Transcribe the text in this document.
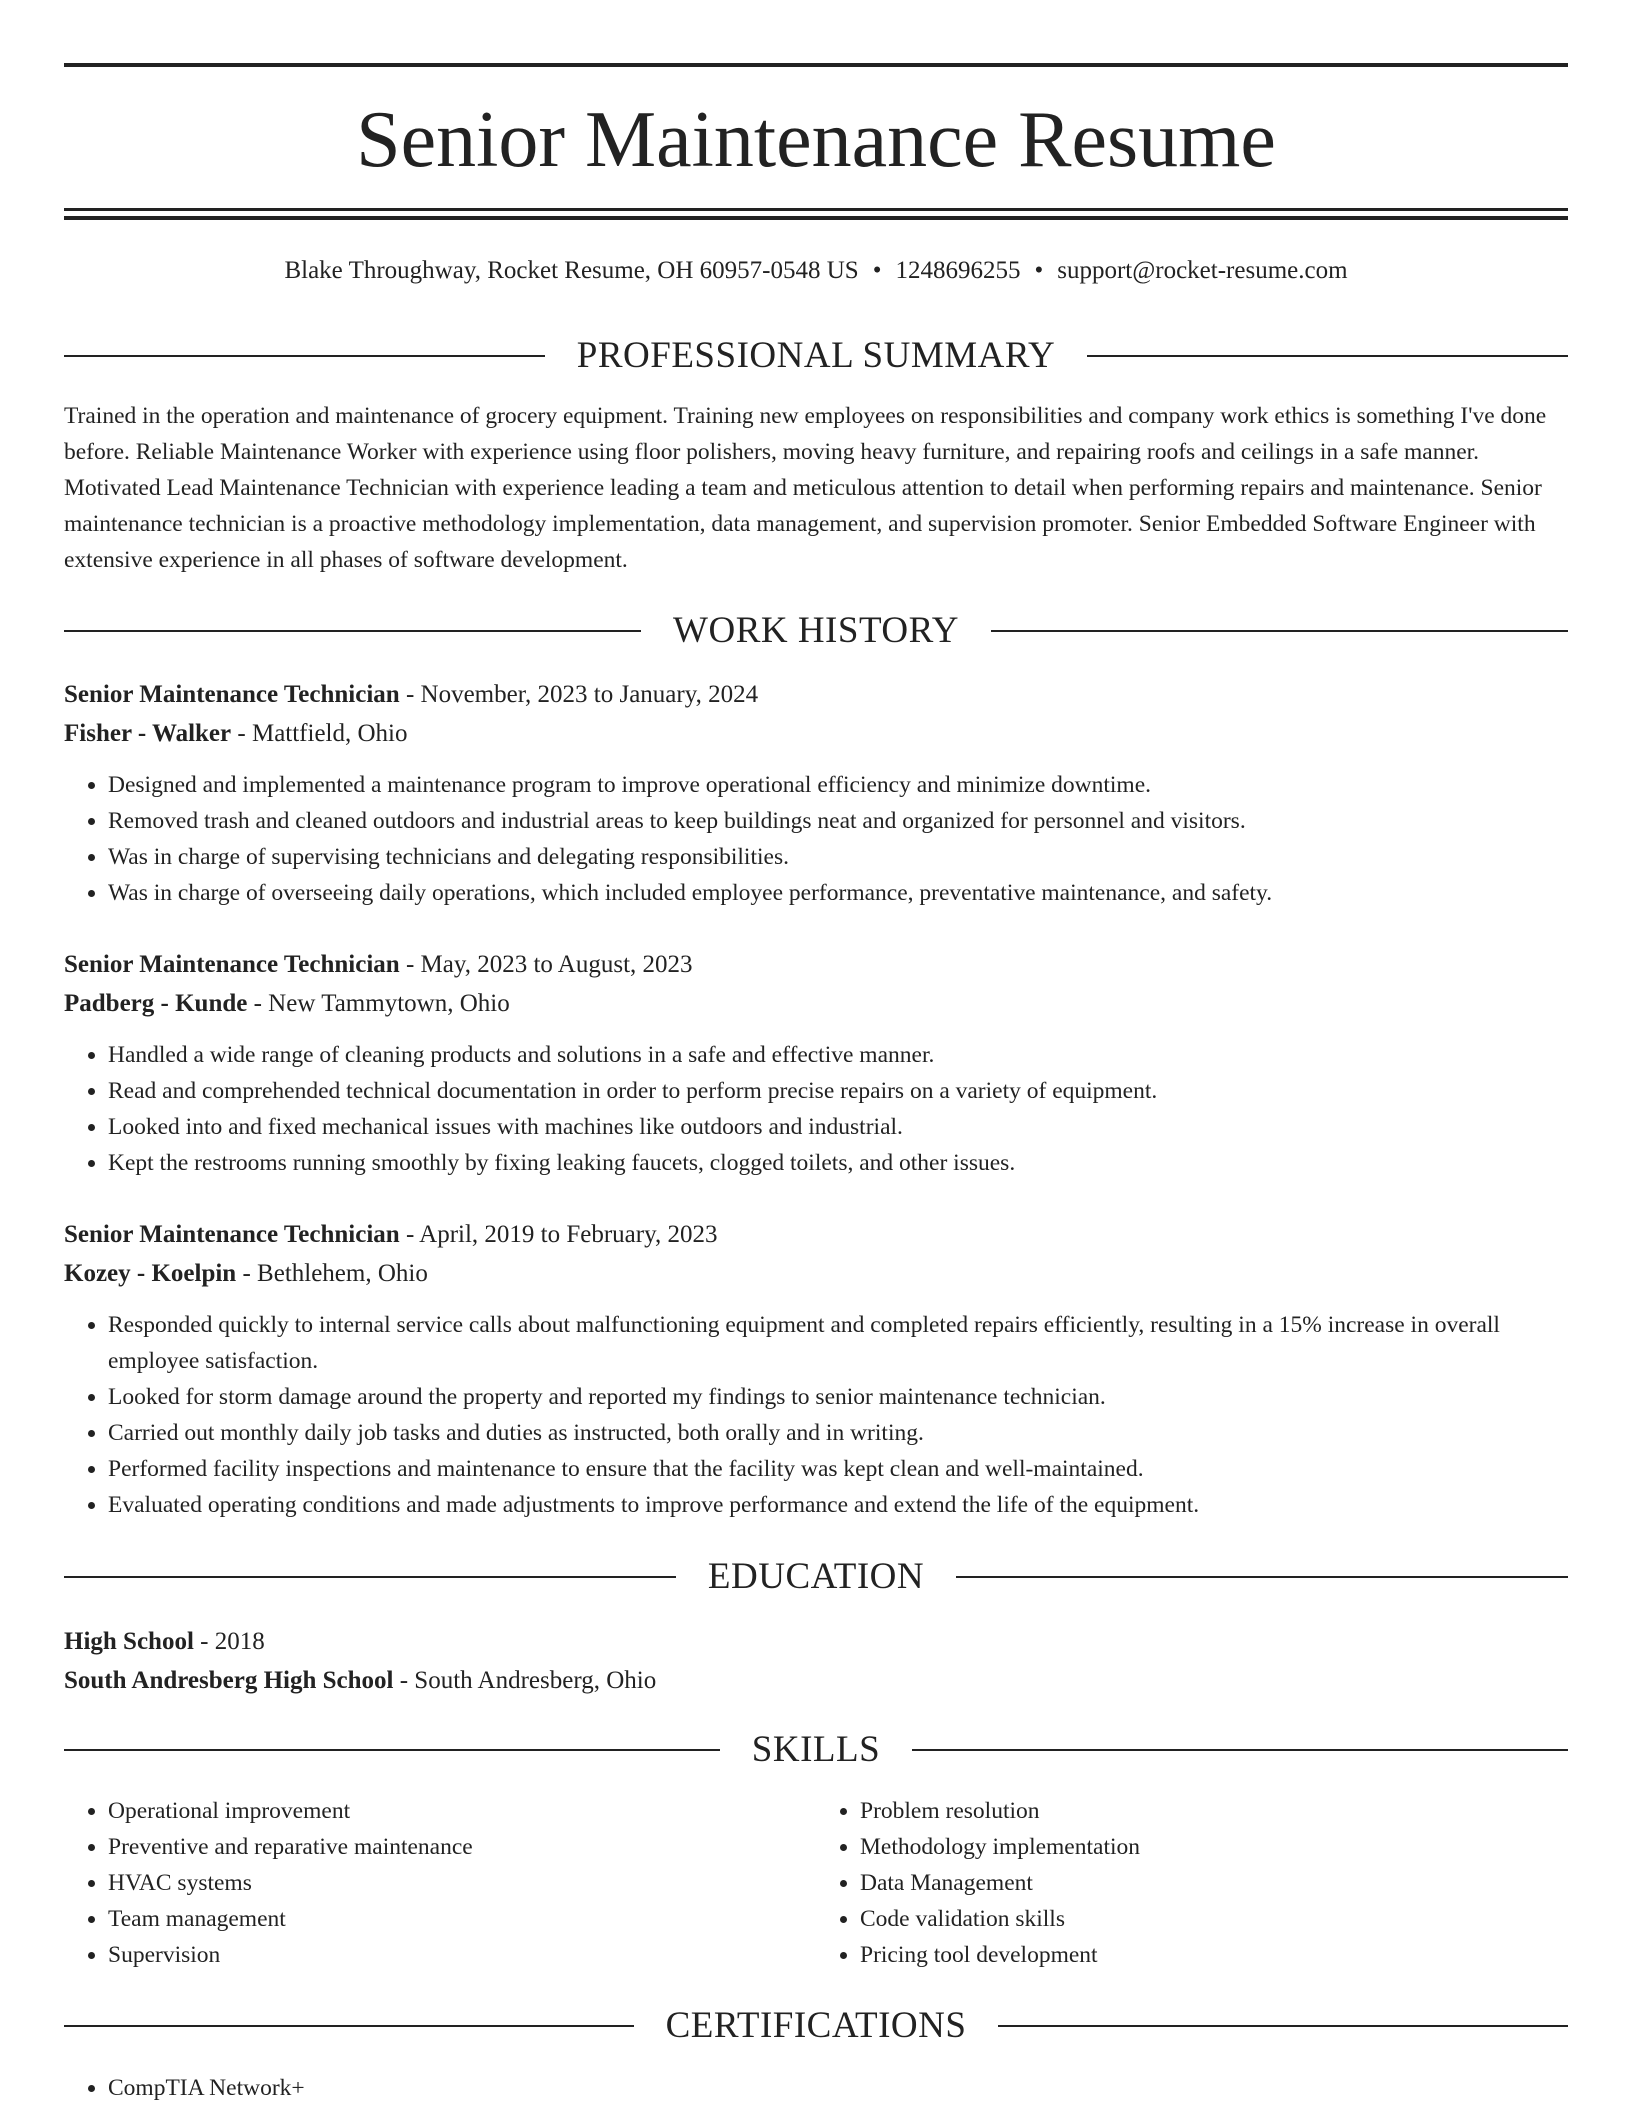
Senior Maintenance Resume
Blake Throughway, Rocket Resume, OH 60957-0548 US • 1248696255 • support@rocket-resume.com
PROFESSIONAL SUMMARY
Trained in the operation and maintenance of grocery equipment. Training new employees on responsibilities and company work ethics is something I've done before. Reliable Maintenance Worker with experience using floor polishers, moving heavy furniture, and repairing roofs and ceilings in a safe manner. Motivated Lead Maintenance Technician with experience leading a team and meticulous attention to detail when performing repairs and maintenance. Senior maintenance technician is a proactive methodology implementation, data management, and supervision promoter. Senior Embedded Software Engineer with extensive experience in all phases of software development.
WORK HISTORY
Senior Maintenance Technician - November, 2023 to January, 2024
Fisher - Walker - Mattfield, Ohio
• Designed and implemented a maintenance program to improve operational efficiency and minimize downtime.
• Removed trash and cleaned outdoors and industrial areas to keep buildings neat and organized for personnel and visitors.
• Was in charge of supervising technicians and delegating responsibilities.
• Was in charge of overseeing daily operations, which included employee performance, preventative maintenance, and safety.
Senior Maintenance Technician - May, 2023 to August, 2023
Padberg - Kunde - New Tammytown, Ohio
• Handled a wide range of cleaning products and solutions in a safe and effective manner.
• Read and comprehended technical documentation in order to perform precise repairs on a variety of equipment.
• Looked into and fixed mechanical issues with machines like outdoors and industrial.
• Kept the restrooms running smoothly by fixing leaking faucets, clogged toilets, and other issues.
Senior Maintenance Technician - April, 2019 to February, 2023
Kozey - Koelpin - Bethlehem, Ohio
• Responded quickly to internal service calls about malfunctioning equipment and completed repairs efficiently, resulting in a 15% increase in overall employee satisfaction.
• Looked for storm damage around the property and reported my findings to senior maintenance technician.
• Carried out monthly daily job tasks and duties as instructed, both orally and in writing.
• Performed facility inspections and maintenance to ensure that the facility was kept clean and well-maintained.
• Evaluated operating conditions and made adjustments to improve performance and extend the life of the equipment.
EDUCATION
High School - 2018
South Andresberg High School - South Andresberg, Ohio
SKILLS
• Operational improvement
• Preventive and reparative maintenance
• HVAC systems
• Team management
• Supervision
• Problem resolution
• Methodology implementation
• Data Management
• Code validation skills
• Pricing tool development
CERTIFICATIONS
• CompTIA Network+
